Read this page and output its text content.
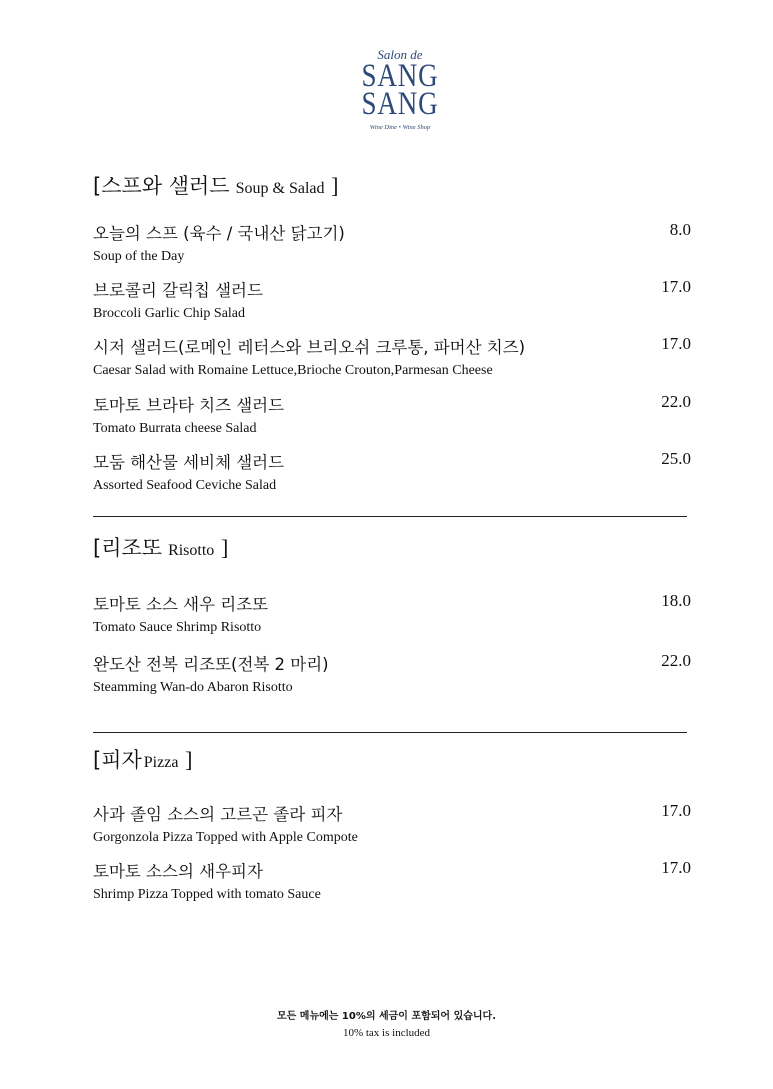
Salon de
SANG
SANG
Wine Dine • Wine Shop
[스프와 샐러드 Soup & Salad ]
오늘의 스프 (육수 / 국내산 닭고기)
Soup of the Day
8.0
브로콜리 갈릭칩 샐러드
Broccoli Garlic Chip Salad
17.0
시저 샐러드(로메인 레터스와 브리오쉬 크루통, 파머산 치즈)
Caesar Salad with Romaine Lettuce,Brioche Crouton,Parmesan Cheese
17.0
토마토 브라타 치즈 샐러드
Tomato Burrata cheese Salad
22.0
모둠 해산물 세비체 샐러드
Assorted Seafood Ceviche Salad
25.0
[리조또 Risotto ]
토마토 소스 새우 리조또
Tomato Sauce Shrimp Risotto
18.0
완도산 전복 리조또(전복 2 마리)
Steamming Wan-do Abaron Risotto
22.0
[피자 Pizza ]
사과 졸임 소스의 고르곤 졸라 피자
Gorgonzola Pizza Topped with Apple Compote
17.0
토마토 소스의 새우피자
Shrimp Pizza Topped with tomato Sauce
17.0
모든 메뉴에는 10%의 세금이 포함되어 있습니다.
10% tax is included
